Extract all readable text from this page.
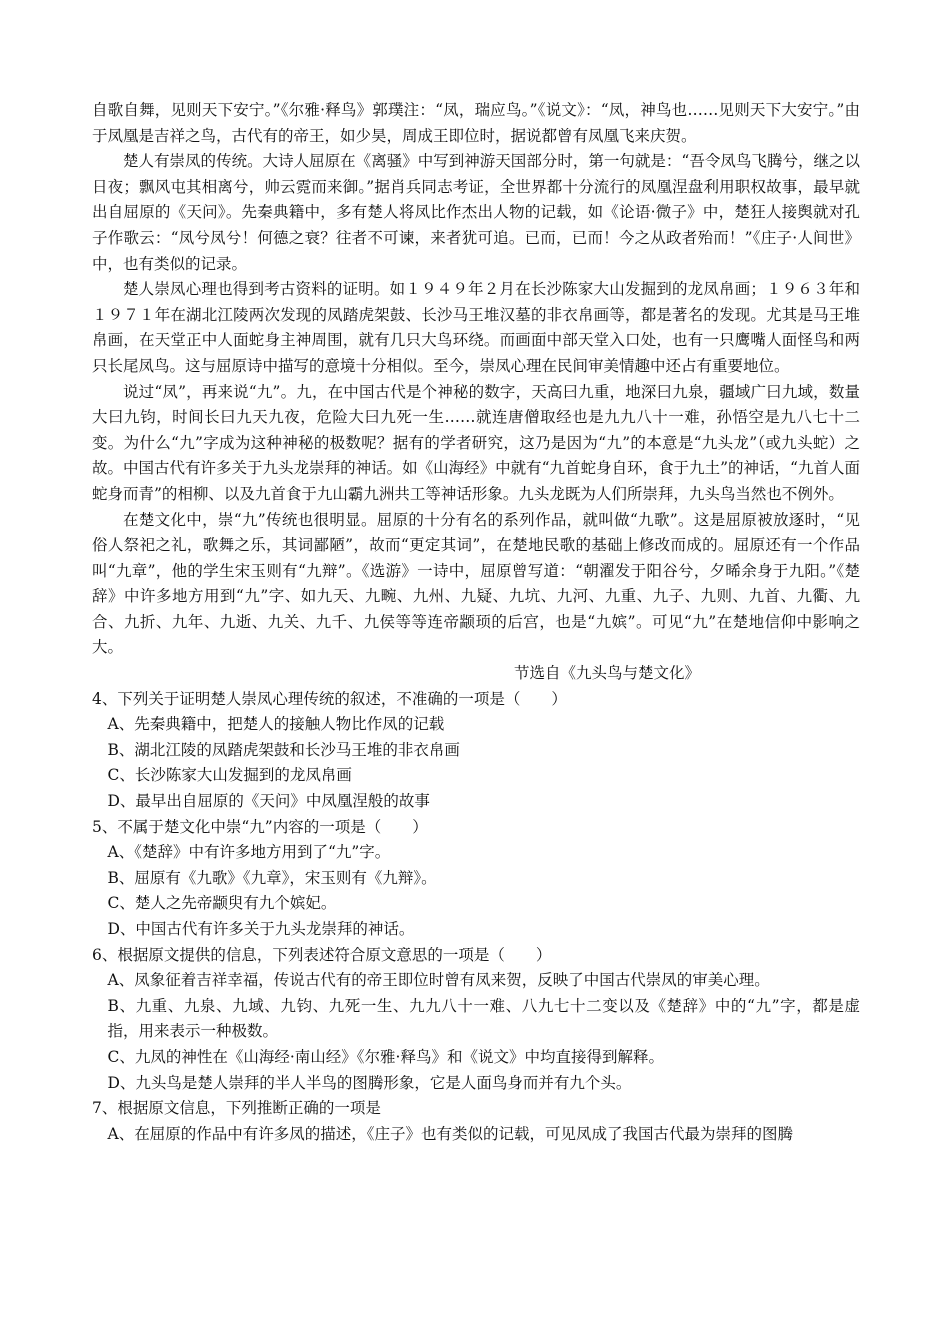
自歌自舞，见则天下安宁。”《尔雅·释鸟》郭璞注：“凤，瑞应鸟。”《说文》：“凤，神鸟也……见则天下大安宁。”由于凤凰是吉祥之鸟，古代有的帝王，如少昊，周成王即位时，据说都曾有凤凰飞来庆贺。

楚人有崇凤的传统。大诗人屈原在《离骚》中写到神游天国部分时，第一句就是：“吾令凤鸟飞腾兮，继之以日夜；飘风屯其相离兮，帅云霓而来御。”据肖兵同志考证，全世界都十分流行的凤凰涅盘利用职权故事，最早就出自屈原的《天问》。先秦典籍中，多有楚人将凤比作杰出人物的记载，如《论语·微子》中，楚狂人接舆就对孔子作歌云：“凤兮凤兮！何德之衰？往者不可谏，来者犹可追。已而，已而！今之从政者殆而！”《庄子·人间世》中，也有类似的记录。

楚人崇凤心理也得到考古资料的证明。如１９４９年２月在长沙陈家大山发掘到的龙凤帛画；１９６３年和１９７１年在湖北江陵两次发现的凤踏虎架鼓、长沙马王堆汉墓的非衣帛画等，都是著名的发现。尤其是马王堆帛画，在天堂正中人面蛇身主神周围，就有几只大鸟环绕。而画面中部天堂入口处，也有一只鹰嘴人面怪鸟和两只长尾凤鸟。这与屈原诗中描写的意境十分相似。至今，崇凤心理在民间审美情趣中还占有重要地位。

说过“凤”，再来说“九”。九，在中国古代是个神秘的数字，天高曰九重，地深曰九泉，疆域广曰九域，数量大曰九钧，时间长曰九天九夜，危险大曰九死一生……就连唐僧取经也是九九八十一难，孙悟空是九八七十二变。为什么“九”字成为这种神秘的极数呢？据有的学者研究，这乃是因为“九”的本意是“九头龙”（或九头蛇）之故。中国古代有许多关于九头龙崇拜的神话。如《山海经》中就有“九首蛇身自环，食于九土”的神话，“九首人面蛇身而青”的相柳、以及九首食于九山霸九洲共工等神话形象。九头龙既为人们所崇拜，九头鸟当然也不例外。

在楚文化中，崇“九”传统也很明显。屈原的十分有名的系列作品，就叫做“九歌”。这是屈原被放逐时，“见俗人祭祀之礼，歌舞之乐，其词鄙陋”，故而“更定其词”，在楚地民歌的基础上修改而成的。屈原还有一个作品叫“九章”，他的学生宋玉则有“九辩”。《选游》一诗中，屈原曾写道：“朝濯发于阳谷兮，夕晞余身于九阳。”《楚辞》中许多地方用到“九”字、如九天、九畹、九州、九疑、九坑、九河、九重、九子、九则、九首、九衢、九合、九折、九年、九逝、九关、九千、九侯等等连帝颛顼的后宫，也是“九嫔”。可见“九”在楚地信仰中影响之大。

节选自《九头鸟与楚文化》

4、下列关于证明楚人崇凤心理传统的叙述，不准确的一项是（　　）

A、先秦典籍中，把楚人的接触人物比作凤的记载

B、湖北江陵的凤踏虎架鼓和长沙马王堆的非衣帛画

C、长沙陈家大山发掘到的龙凤帛画

D、最早出自屈原的《天问》中凤凰涅般的故事

5、不属于楚文化中崇“九”内容的一项是（　　）

A、《楚辞》中有许多地方用到了“九”字。

B、屈原有《九歌》《九章》，宋玉则有《九辩》。

C、楚人之先帝颛臾有九个嫔妃。

D、中国古代有许多关于九头龙崇拜的神话。

6、根据原文提供的信息，下列表述符合原文意思的一项是（　　）

A、凤象征着吉祥幸福，传说古代有的帝王即位时曾有凤来贺，反映了中国古代崇凤的审美心理。

B、九重、九泉、九域、九钧、九死一生、九九八十一难、八九七十二变以及《楚辞》中的“九”字，都是虚指，用来表示一种极数。

C、九凤的神性在《山海经·南山经》《尔雅·释鸟》和《说文》中均直接得到解释。

D、九头鸟是楚人崇拜的半人半鸟的图腾形象，它是人面鸟身而并有九个头。

7、根据原文信息，下列推断正确的一项是

A、在屈原的作品中有许多凤的描述，《庄子》也有类似的记载，可见凤成了我国古代最为崇拜的图腾
